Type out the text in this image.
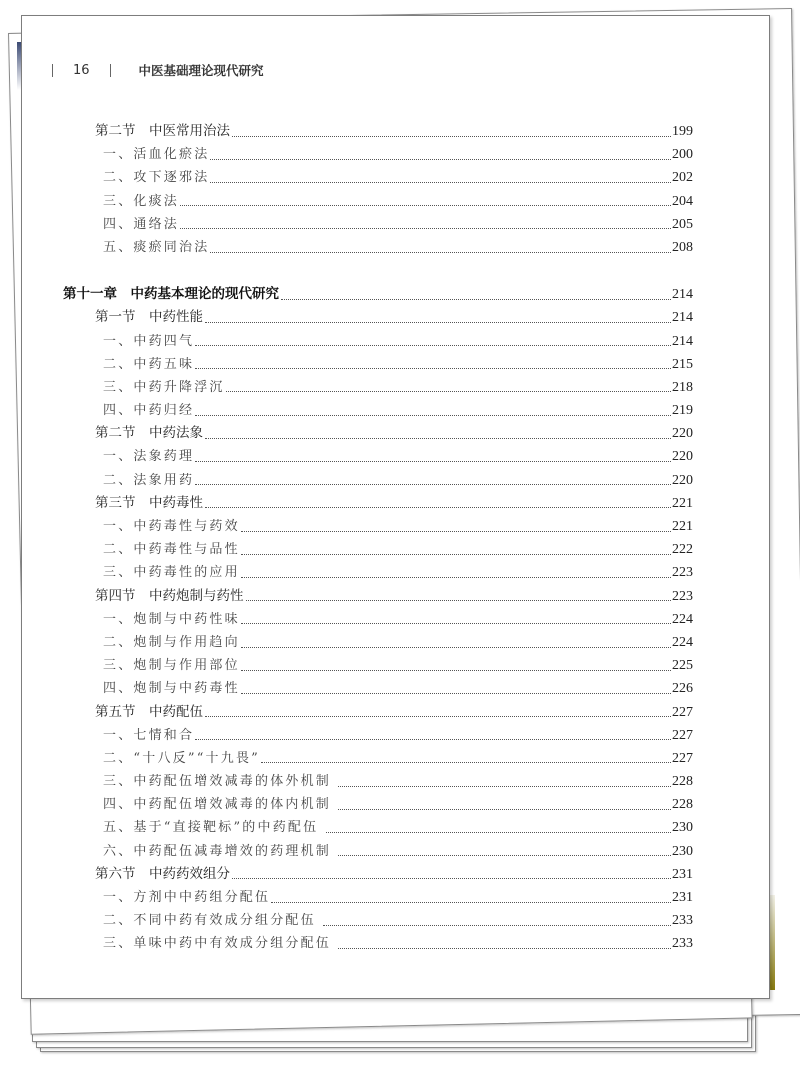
16	中医基础理论现代研究
第二节　中医常用治法	199
一、活血化瘀法	200
二、攻下逐邪法	202
三、化痰法	204
四、通络法	205
五、痰瘀同治法	208
第十一章　中药基本理论的现代研究	214
第一节　中药性能	214
一、中药四气	214
二、中药五味	215
三、中药升降浮沉	218
四、中药归经	219
第二节　中药法象	220
一、法象药理	220
二、法象用药	220
第三节　中药毒性	221
一、中药毒性与药效	221
二、中药毒性与品性	222
三、中药毒性的应用	223
第四节　中药炮制与药性	223
一、炮制与中药性味	224
二、炮制与作用趋向	224
三、炮制与作用部位	225
四、炮制与中药毒性	226
第五节　中药配伍	227
一、七情和合	227
二、“十八反”“十九畏”	227
三、中药配伍增效减毒的体外机制	228
四、中药配伍增效减毒的体内机制	228
五、基于“直接靶标”的中药配伍	230
六、中药配伍减毒增效的药理机制	230
第六节　中药药效组分	231
一、方剂中中药组分配伍	231
二、不同中药有效成分组分配伍	233
三、单味中药中有效成分组分配伍	233
